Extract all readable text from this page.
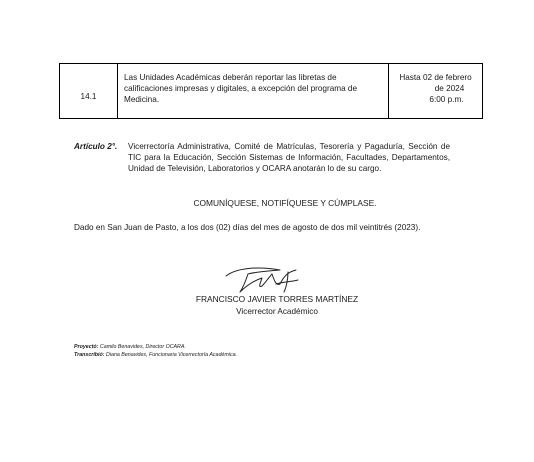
14.1
Las Unidades Académicas deberán reportar las libretas de calificaciones impresas y digitales, a excepción del programa de Medicina.
Hasta 02 de febrero
de 2024
6:00 p.m.
Artículo 2°. Vicerrectoría Administrativa, Comité de Matrículas, Tesorería y Pagaduría, Sección de TIC para la Educación, Sección Sistemas de Información, Facultades, Departamentos, Unidad de Televisión, Laboratorios y OCARA anotarán lo de su cargo.
COMUNÍQUESE, NOTIFÍQUESE Y CÚMPLASE.
Dado en San Juan de Pasto, a los dos (02) días del mes de agosto de dos mil veintitrés (2023).
FRANCISCO JAVIER TORRES MARTÍNEZ
Vicerrector Académico
Proyectó: Camilo Benavides, Director OCARA.
Transcribió: Diana Benavides, Funcionaria Vicerrectoría Académica.
